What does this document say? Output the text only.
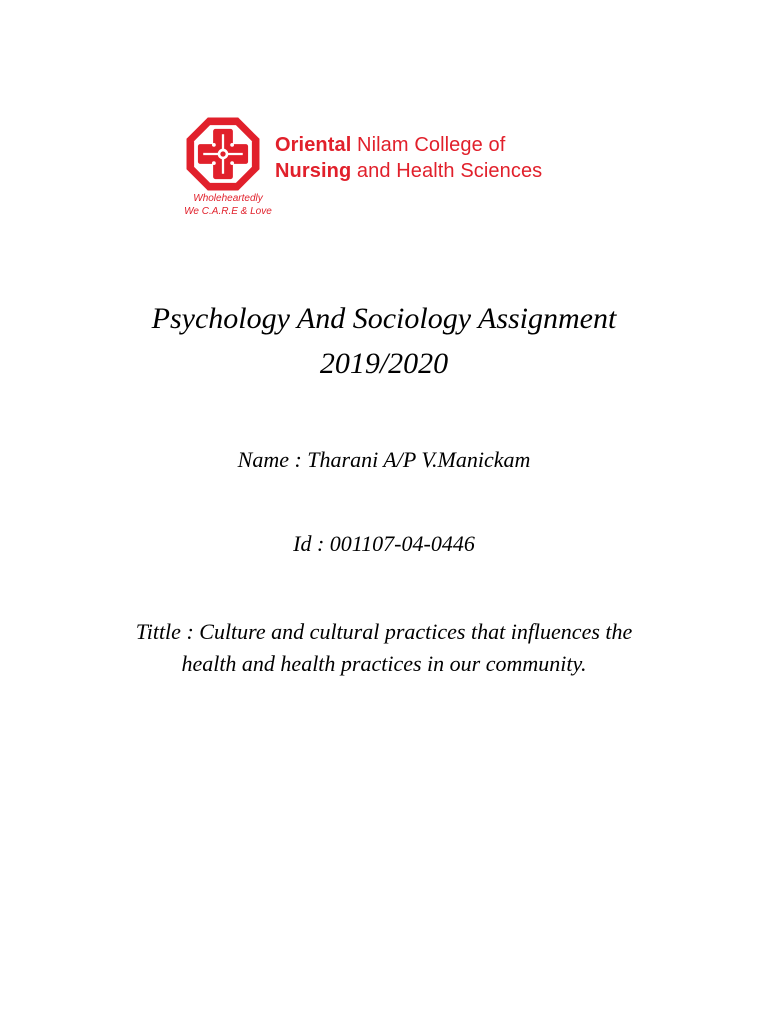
Oriental Nilam College of
Nursing and Health Sciences
Wholeheartedly
We C.A.R.E & Love
Psychology And Sociology Assignment
2019/2020
Name : Tharani A/P V.Manickam
Id : 001107-04-0446
Tittle : Culture and cultural practices that influences the
health and health practices in our community.
